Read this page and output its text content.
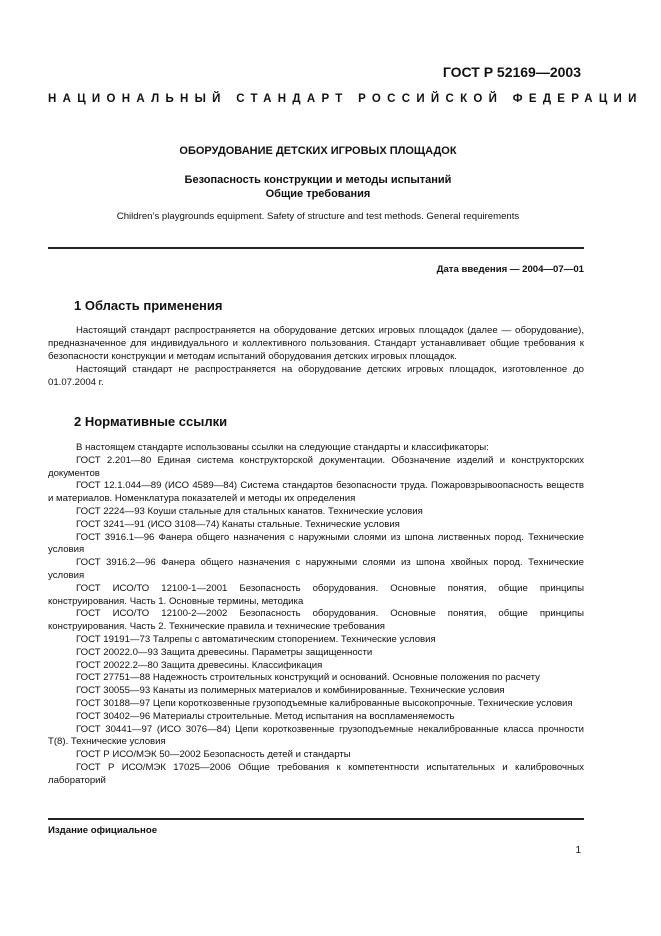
ГОСТ Р 52169—2003
НАЦИОНАЛЬНЫЙ СТАНДАРТ РОССИЙСКОЙ ФЕДЕРАЦИИ
ОБОРУДОВАНИЕ ДЕТСКИХ ИГРОВЫХ ПЛОЩАДОК
Безопасность конструкции и методы испытаний
Общие требования
Children’s playgrounds equipment. Safety of structure and test methods. General requirements
Дата введения — 2004—07—01
1 Область применения

Настоящий стандарт распространяется на оборудование детских игровых площадок (далее — оборудование), предназначенное для индивидуального и коллективного пользования. Стандарт устанавливает общие требования к безопасности конструкции и методам испытаний оборудования детских игровых площадок.

Настоящий стандарт не распространяется на оборудование детских игровых площадок, изготовленное до 01.07.2004 г.

2 Нормативные ссылки

В настоящем стандарте использованы ссылки на следующие стандарты и классификаторы:

ГОСТ 2.201—80 Единая система конструкторской документации. Обозначение изделий и конструкторских документов

ГОСТ 12.1.044—89 (ИСО 4589—84) Система стандартов безопасности труда. Пожаровзрывоопасность веществ и материалов. Номенклатура показателей и методы их определения

ГОСТ 2224—93 Коуши стальные для стальных канатов. Технические условия

ГОСТ 3241—91 (ИСО 3108—74) Канаты стальные. Технические условия

ГОСТ 3916.1—96 Фанера общего назначения с наружными слоями из шпона лиственных пород. Технические условия

ГОСТ 3916.2—96 Фанера общего назначения с наружными слоями из шпона хвойных пород. Технические условия

ГОСТ ИСО/ТО 12100-1—2001 Безопасность оборудования. Основные понятия, общие принципы конструирования. Часть 1. Основные термины, методика

ГОСТ ИСО/ТО 12100-2—2002 Безопасность оборудования. Основные понятия, общие принципы конструирования. Часть 2. Технические правила и технические требования

ГОСТ 19191—73 Талрепы с автоматическим стопорением. Технические условия

ГОСТ 20022.0—93 Защита древесины. Параметры защищенности

ГОСТ 20022.2—80 Защита древесины. Классификация

ГОСТ 27751—88 Надежность строительных конструкций и оснований. Основные положения по расчету

ГОСТ 30055—93 Канаты из полимерных материалов и комбинированные. Технические условия

ГОСТ 30188—97 Цепи короткозвенные грузоподъемные калиброванные высокопрочные. Технические условия

ГОСТ 30402—96 Материалы строительные. Метод испытания на воспламеняемость

ГОСТ 30441—97 (ИСО 3076—84) Цепи короткозвенные грузоподъемные некалиброванные класса прочности Т(8). Технические условия

ГОСТ Р ИСО/МЭК 50—2002 Безопасность детей и стандарты

ГОСТ Р ИСО/МЭК 17025—2006 Общие требования к компетентности испытательных и калибровочных лабораторий

Издание официальное
1
